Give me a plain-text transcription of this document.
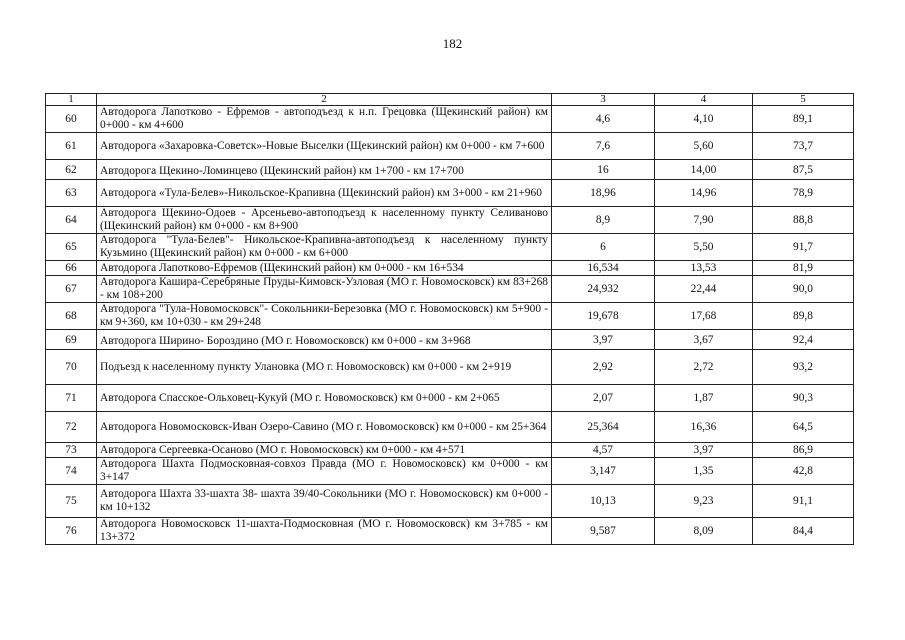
182
1	2	3	4	5
60	Автодорога Лапотково - Ефремов - автоподъезд к н.п. Грецовка (Щекинский район) км 0+000 - км 4+600	4,6	4,10	89,1
61	Автодорога «Захаровка-Советск»-Новые Выселки (Щекинский район) км 0+000 - км 7+600	7,6	5,60	73,7
62	Автодорога Щекино-Ломинцево (Щекинский район) км 1+700 - км 17+700	16	14,00	87,5
63	Автодорога «Тула-Белев»-Никольское-Крапивна (Щекинский район) км 3+000 - км 21+960	18,96	14,96	78,9
64	Автодорога Щекино-Одоев - Арсеньево-автоподъезд к населенному пункту Селиваново (Щекинский район) км 0+000 - км 8+900	8,9	7,90	88,8
65	Автодорога "Тула-Белев"- Никольское-Крапивна-автоподъезд к населенному пункту Кузьмино (Щекинский район) км 0+000 - км 6+000	6	5,50	91,7
66	Автодорога Лапотково-Ефремов (Щекинский район) км 0+000 - км 16+534	16,534	13,53	81,9
67	Автодорога Кашира-Серебряные Пруды-Кимовск-Узловая (МО г. Новомосковск) км 83+268 - км 108+200	24,932	22,44	90,0
68	Автодорога "Тула-Новомосковск"- Сокольники-Березовка (МО г. Новомосковск) км 5+900 - км 9+360, км 10+030 - км 29+248	19,678	17,68	89,8
69	Автодорога Ширино- Бороздино (МО г. Новомосковск) км 0+000 - км 3+968	3,97	3,67	92,4
70	Подъезд к населенному пункту Улановка (МО г. Новомосковск) км 0+000 - км 2+919	2,92	2,72	93,2
71	Автодорога Спасское-Ольховец-Кукуй (МО г. Новомосковск) км 0+000 - км 2+065	2,07	1,87	90,3
72	Автодорога Новомосковск-Иван Озеро-Савино (МО г. Новомосковск) км 0+000 - км 25+364	25,364	16,36	64,5
73	Автодорога Сергеевка-Осаново (МО г. Новомосковск) км 0+000 - км 4+571	4,57	3,97	86,9
74	Автодорога Шахта Подмосковная-совхоз Правда (МО г. Новомосковск) км 0+000 - км 3+147	3,147	1,35	42,8
75	Автодорога Шахта 33-шахта 38- шахта 39/40-Сокольники (МО г. Новомосковск) км 0+000 - км 10+132	10,13	9,23	91,1
76	Автодорога Новомосковск 11-шахта-Подмосковная (МО г. Новомосковск) км 3+785 - км 13+372	9,587	8,09	84,4
